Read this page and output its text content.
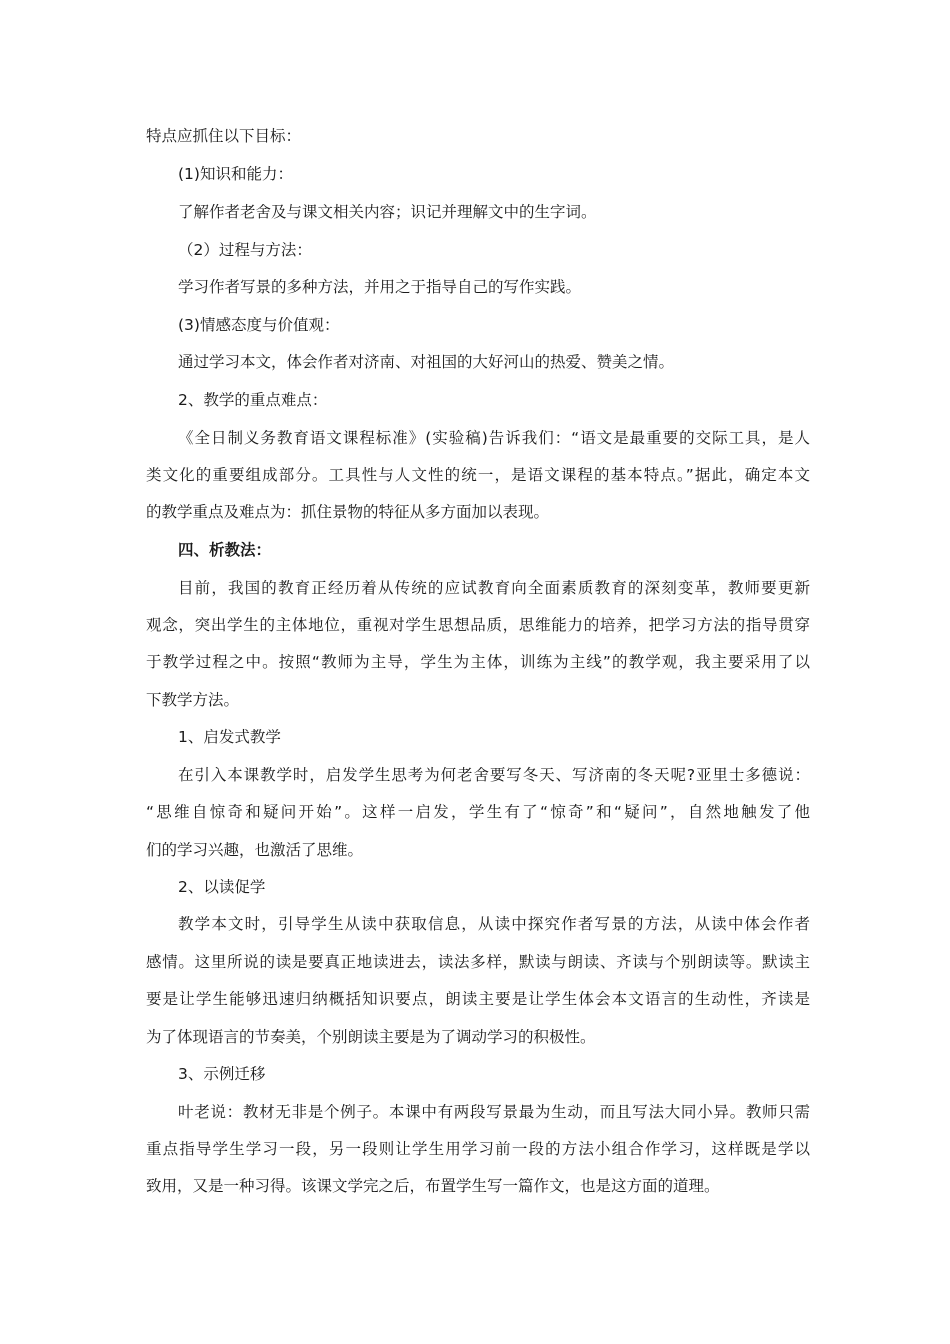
特点应抓住以下目标：
(1)知识和能力：
了解作者老舍及与课文相关内容；识记并理解文中的生字词。
（2）过程与方法：
学习作者写景的多种方法，并用之于指导自己的写作实践。
(3)情感态度与价值观：
通过学习本文，体会作者对济南、对祖国的大好河山的热爱、赞美之情。
2、教学的重点难点：
《全日制义务教育语文课程标准》(实验稿)告诉我们：“语文是最重要的交际工具，是人
类文化的重要组成部分。工具性与人文性的统一，是语文课程的基本特点。”据此，确定本文
的教学重点及难点为：抓住景物的特征从多方面加以表现。
四、析教法：
目前，我国的教育正经历着从传统的应试教育向全面素质教育的深刻变革，教师要更新
观念，突出学生的主体地位，重视对学生思想品质，思维能力的培养，把学习方法的指导贯穿
于教学过程之中。按照“教师为主导，学生为主体，训练为主线”的教学观，我主要采用了以
下教学方法。
1、启发式教学
在引入本课教学时，启发学生思考为何老舍要写冬天、写济南的冬天呢?亚里士多德说：
“思维自惊奇和疑问开始”。这样一启发，学生有了“惊奇”和“疑问”，自然地触发了他
们的学习兴趣，也激活了思维。
2、以读促学
教学本文时，引导学生从读中获取信息，从读中探究作者写景的方法，从读中体会作者
感情。这里所说的读是要真正地读进去，读法多样，默读与朗读、齐读与个别朗读等。默读主
要是让学生能够迅速归纳概括知识要点，朗读主要是让学生体会本文语言的生动性，齐读是
为了体现语言的节奏美，个别朗读主要是为了调动学习的积极性。
3、示例迁移
叶老说：教材无非是个例子。本课中有两段写景最为生动，而且写法大同小异。教师只需
重点指导学生学习一段，另一段则让学生用学习前一段的方法小组合作学习，这样既是学以
致用，又是一种习得。该课文学完之后，布置学生写一篇作文，也是这方面的道理。
